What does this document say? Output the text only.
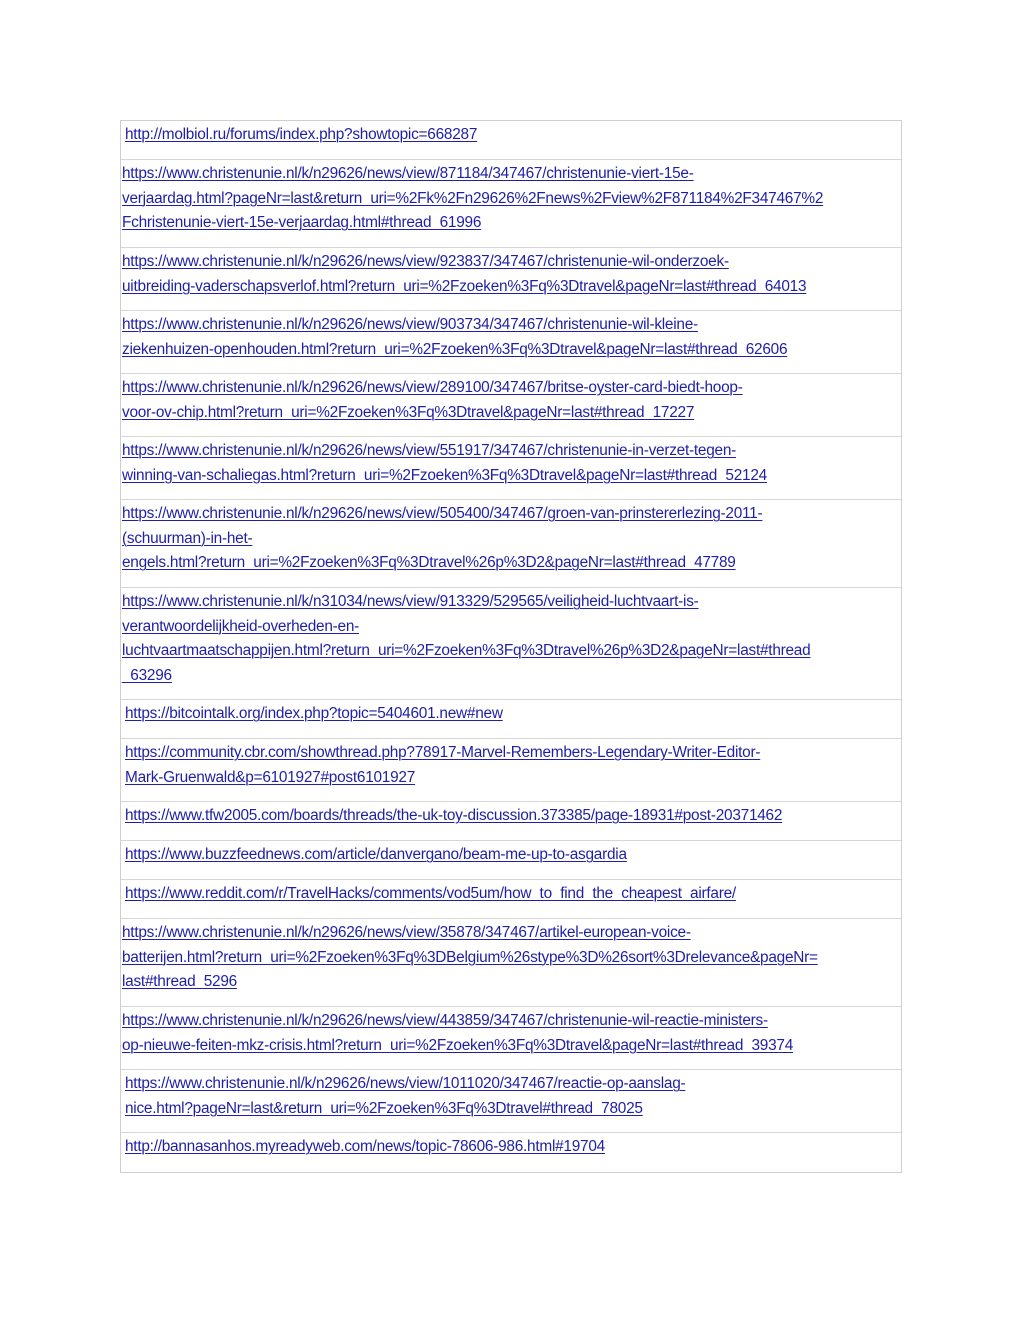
http://molbiol.ru/forums/index.php?showtopic=668287
https://www.christenunie.nl/k/n29626/news/view/871184/347467/christenunie-viert-15e-
verjaardag.html?pageNr=last&return_uri=%2Fk%2Fn29626%2Fnews%2Fview%2F871184%2F347467%2
Fchristenunie-viert-15e-verjaardag.html#thread_61996
https://www.christenunie.nl/k/n29626/news/view/923837/347467/christenunie-wil-onderzoek-
uitbreiding-vaderschapsverlof.html?return_uri=%2Fzoeken%3Fq%3Dtravel&pageNr=last#thread_64013
https://www.christenunie.nl/k/n29626/news/view/903734/347467/christenunie-wil-kleine-
ziekenhuizen-openhouden.html?return_uri=%2Fzoeken%3Fq%3Dtravel&pageNr=last#thread_62606
https://www.christenunie.nl/k/n29626/news/view/289100/347467/britse-oyster-card-biedt-hoop-
voor-ov-chip.html?return_uri=%2Fzoeken%3Fq%3Dtravel&pageNr=last#thread_17227
https://www.christenunie.nl/k/n29626/news/view/551917/347467/christenunie-in-verzet-tegen-
winning-van-schaliegas.html?return_uri=%2Fzoeken%3Fq%3Dtravel&pageNr=last#thread_52124
https://www.christenunie.nl/k/n29626/news/view/505400/347467/groen-van-prinstererlezing-2011-
(schuurman)-in-het-
engels.html?return_uri=%2Fzoeken%3Fq%3Dtravel%26p%3D2&pageNr=last#thread_47789
https://www.christenunie.nl/k/n31034/news/view/913329/529565/veiligheid-luchtvaart-is-
verantwoordelijkheid-overheden-en-
luchtvaartmaatschappijen.html?return_uri=%2Fzoeken%3Fq%3Dtravel%26p%3D2&pageNr=last#thread
_63296
https://bitcointalk.org/index.php?topic=5404601.new#new
https://community.cbr.com/showthread.php?78917-Marvel-Remembers-Legendary-Writer-Editor-
Mark-Gruenwald&p=6101927#post6101927
https://www.tfw2005.com/boards/threads/the-uk-toy-discussion.373385/page-18931#post-20371462
https://www.buzzfeednews.com/article/danvergano/beam-me-up-to-asgardia
https://www.reddit.com/r/TravelHacks/comments/vod5um/how_to_find_the_cheapest_airfare/
https://www.christenunie.nl/k/n29626/news/view/35878/347467/artikel-european-voice-
batterijen.html?return_uri=%2Fzoeken%3Fq%3DBelgium%26stype%3D%26sort%3Drelevance&pageNr=
last#thread_5296
https://www.christenunie.nl/k/n29626/news/view/443859/347467/christenunie-wil-reactie-ministers-
op-nieuwe-feiten-mkz-crisis.html?return_uri=%2Fzoeken%3Fq%3Dtravel&pageNr=last#thread_39374
https://www.christenunie.nl/k/n29626/news/view/1011020/347467/reactie-op-aanslag-
nice.html?pageNr=last&return_uri=%2Fzoeken%3Fq%3Dtravel#thread_78025
http://bannasanhos.myreadyweb.com/news/topic-78606-986.html#19704
